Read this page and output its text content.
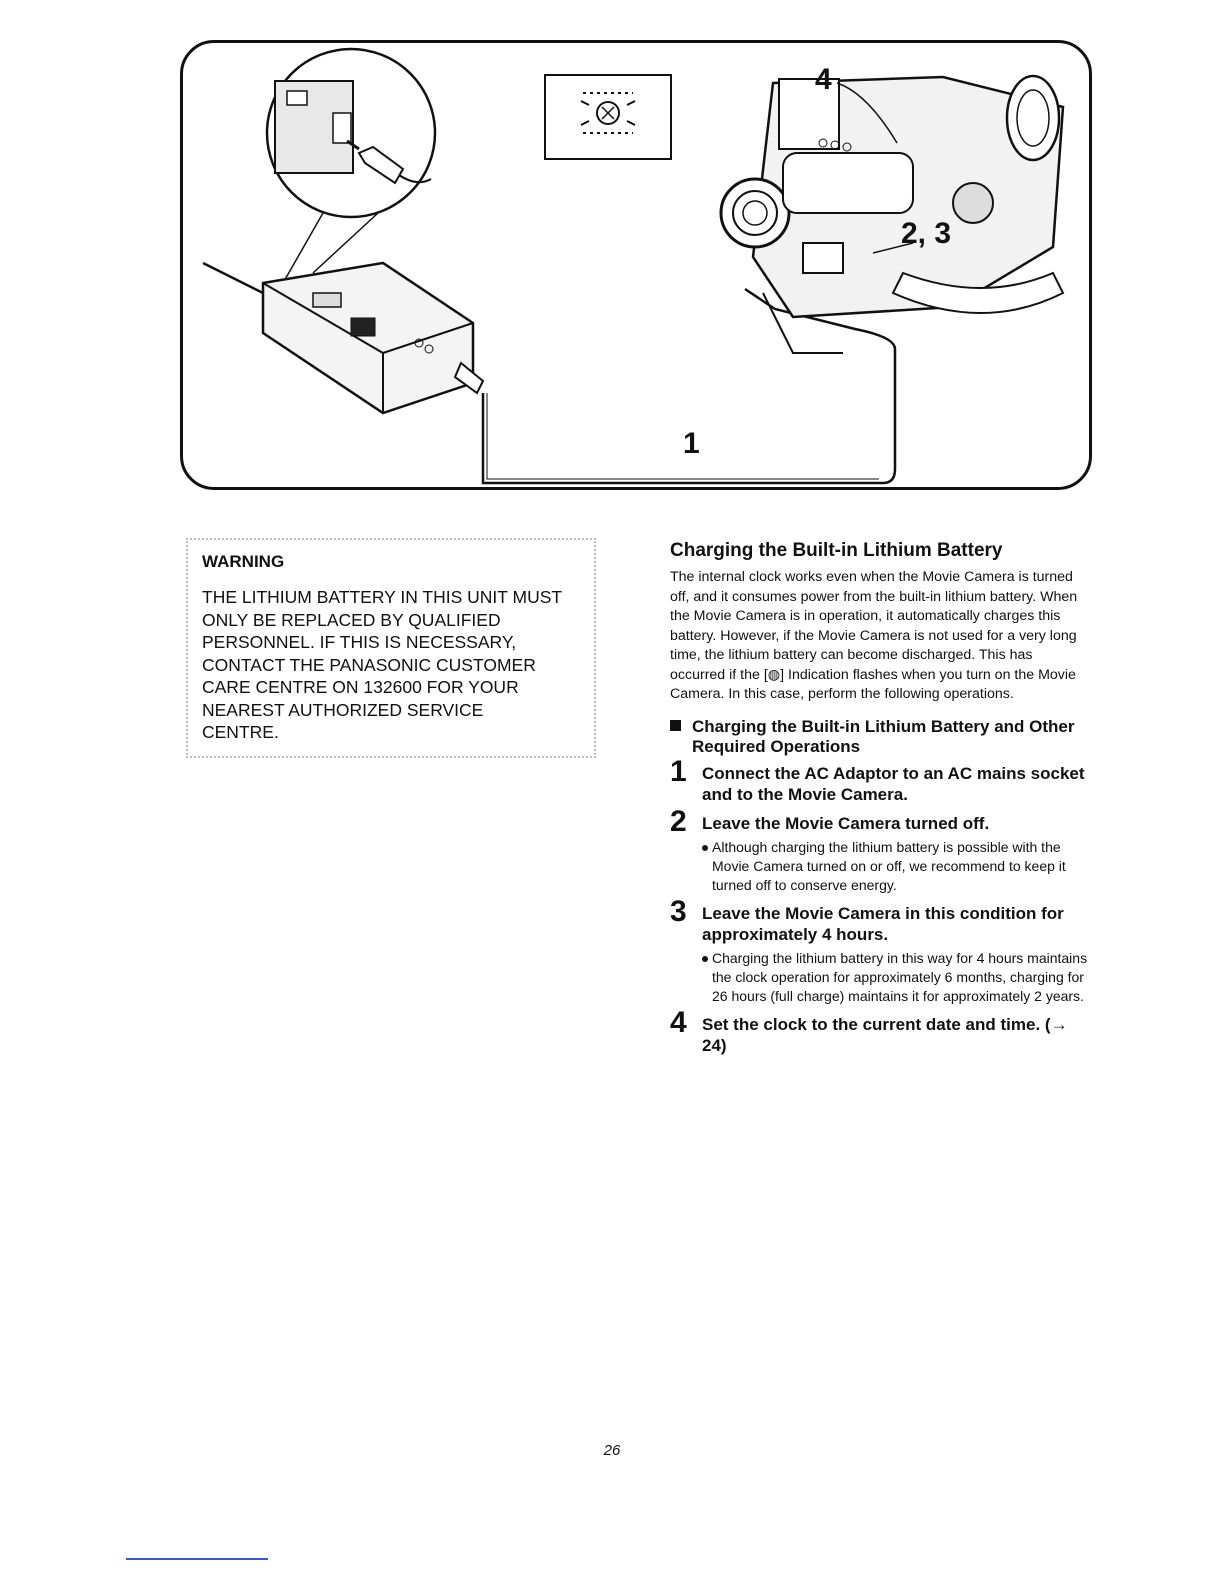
4
2, 3
1
WARNING
THE LITHIUM BATTERY IN THIS UNIT MUST
ONLY BE REPLACED BY QUALIFIED
PERSONNEL. IF THIS IS NECESSARY,
CONTACT THE PANASONIC CUSTOMER
CARE CENTRE ON 132600 FOR YOUR
NEAREST AUTHORIZED SERVICE
CENTRE.
Charging the Built-in Lithium Battery
The internal clock works even when the Movie Camera is turned off, and it consumes power from the built-in lithium battery. When the Movie Camera is in operation, it automatically charges this battery. However, if the Movie Camera is not used for a very long time, the lithium battery can become discharged. This has occurred if the [◍] Indication flashes when you turn on the Movie Camera. In this case, perform the following operations.
Charging the Built-in Lithium Battery and Other Required Operations
1 Connect the AC Adaptor to an AC mains socket and to the Movie Camera.
2 Leave the Movie Camera turned off.
Although charging the lithium battery is possible with the Movie Camera turned on or off, we recommend to keep it turned off to conserve energy.
3 Leave the Movie Camera in this condition for approximately 4 hours.
Charging the lithium battery in this way for 4 hours maintains the clock operation for approximately 6 months, charging for 26 hours (full charge) maintains it for approximately 2 years.
4 Set the clock to the current date and time. (→ 24)
26
